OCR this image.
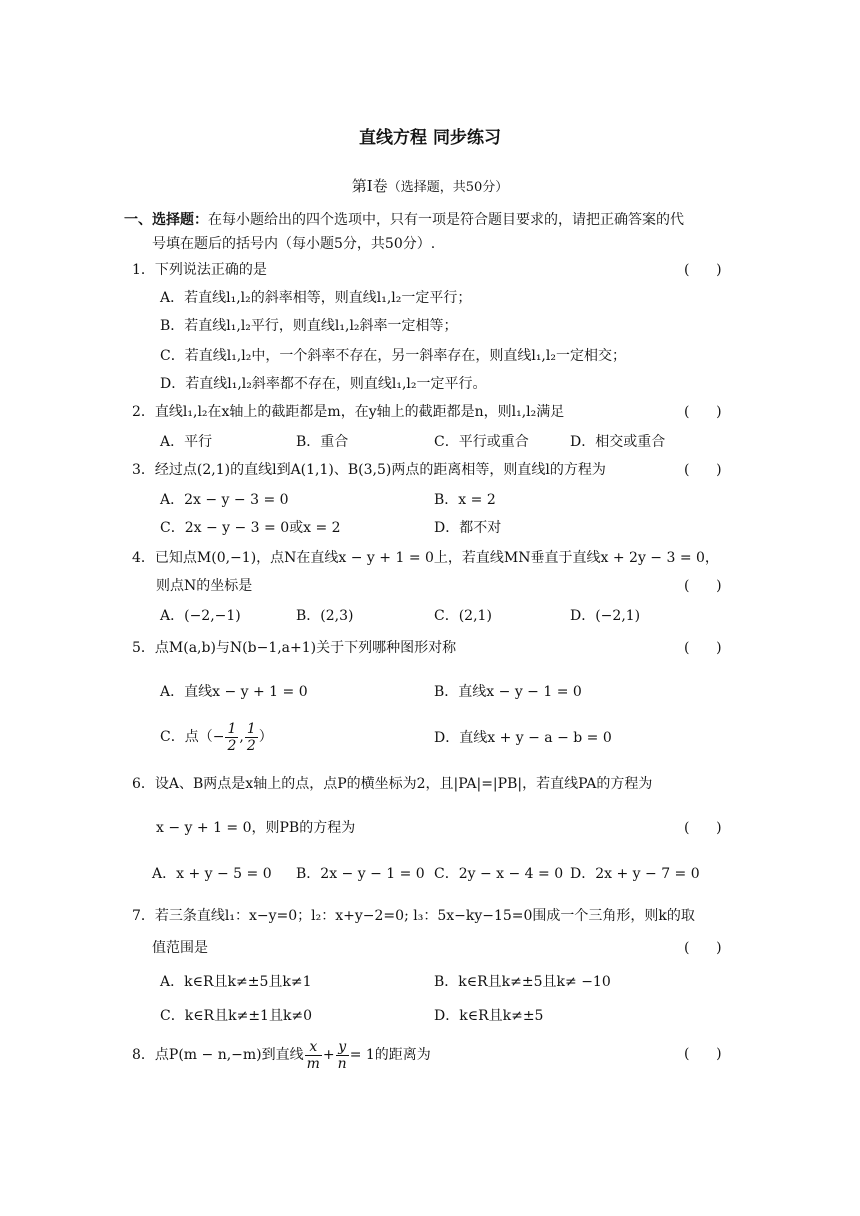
直线方程 同步练习
第Ⅰ卷（选择题，共50分）
一、选择题：在每小题给出的四个选项中，只有一项是符合题目要求的，请把正确答案的代
号填在题后的括号内（每小题5分，共50分）.
1．下列说法正确的是	(      )
A．若直线l₁,l₂的斜率相等，则直线l₁,l₂一定平行；
B．若直线l₁,l₂平行，则直线l₁,l₂斜率一定相等；
C．若直线l₁,l₂中，一个斜率不存在，另一斜率存在，则直线l₁,l₂一定相交；
D．若直线l₁,l₂斜率都不存在，则直线l₁,l₂一定平行。
2．直线l₁,l₂在x轴上的截距都是m，在y轴上的截距都是n，则l₁,l₂满足	(      )
A．平行	B．重合	C．平行或重合	D．相交或重合
3．经过点(2,1)的直线l到A(1,1)、B(3,5)两点的距离相等，则直线l的方程为	(      )
A．2x − y − 3 = 0	B．x = 2
C．2x − y − 3 = 0或x = 2	D．都不对
4．已知点M(0,−1)，点N在直线x − y + 1 = 0上，若直线MN垂直于直线x + 2y − 3 = 0，
则点N的坐标是	(      )
A．(−2,−1)	B．(2,3)	C．(2,1)	D．(−2,1)
5．点M(a,b)与N(b−1,a+1)关于下列哪种图形对称	(      )
A．直线x − y + 1 = 0	B．直线x − y − 1 = 0
C．点（− $\frac{1}{2}$ , $\frac{1}{2}$ ）	D．直线x + y − a − b = 0
6．设A、B两点是x轴上的点，点P的横坐标为2，且|PA|=|PB|，若直线PA的方程为
x − y + 1 = 0，则PB的方程为	(      )
A．x + y − 5 = 0 B．2x − y − 1 = 0 C．2y − x − 4 = 0 D．2x + y − 7 = 0
7．若三条直线l₁：x−y=0；l₂：x+y−2=0; l₃：5x−ky−15=0围成一个三角形，则k的取
值范围是	(      )
A．k∈R且k≠±5且k≠1	B．k∈R且k≠±5且k≠ −10
C．k∈R且k≠±1且k≠0	D．k∈R且k≠±5
8．点P(m − n,−m)到直线 $\frac{x}{m} + \frac{y}{n} = 1$的距离为	(      )
